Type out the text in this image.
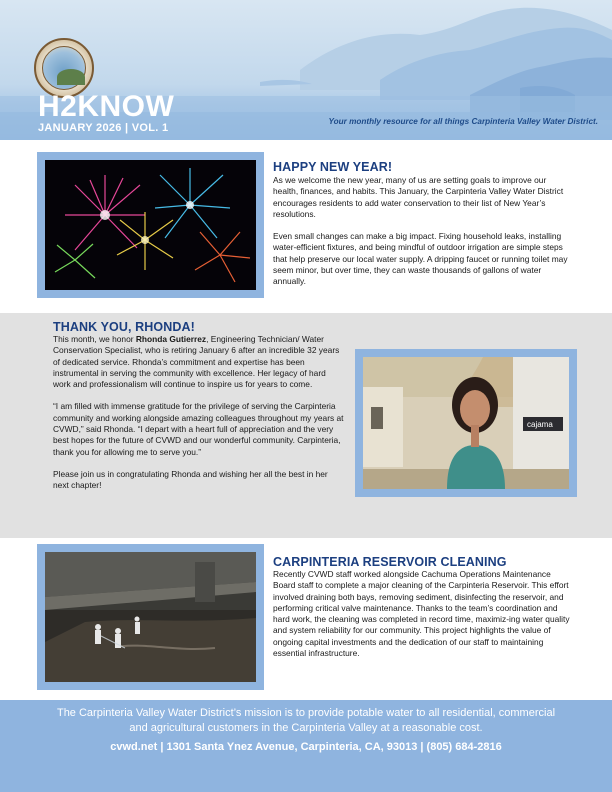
H2KNOW
JANUARY 2026 | VOL. 1
Your monthly resource for all things Carpinteria Valley Water District.
HAPPY NEW YEAR!

As we welcome the new year, many of us are setting goals to improve our health, finances, and habits. This January, the Carpinteria Valley Water District encourages residents to add water conservation to their list of New Year’s resolutions.

Even small changes can make a big impact. Fixing household leaks, installing water-efficient fixtures, and being mindful of outdoor irrigation are simple steps that help preserve our local water supply. A dripping faucet or running toilet may seem minor, but over time, they can waste thousands of gallons of water annually.

THANK YOU, RHONDA!

This month, we honor Rhonda Gutierrez, Engineering Technician/ Water Conservation Specialist, who is retiring January 6 after an incredible 32 years of dedicated service. Rhonda’s commitment and expertise has been instrumental in serving the community with excellence. Her legacy of hard work and professionalism will continue to inspire us for years to come.

“I am filled with immense gratitude for the privilege of serving the Carpinteria community and working alongside amazing colleagues throughout my years at CVWD,” said Rhonda. “I depart with a heart full of appreciation and the very best hopes for the future of CVWD and our wonderful community. Carpinteria, thank you for allowing me to serve you.”

Please join us in congratulating Rhonda and wishing her all the best in her next chapter!

cajama
CARPINTERIA RESERVOIR CLEANING

Recently CVWD staff worked alongside Cachuma Operations Maintenance Board staff to complete a major cleaning of the Carpinteria Reservoir. This effort involved draining both bays, removing sediment, disinfecting the reservoir, and performing critical valve maintenance. Thanks to the team’s coordination and hard work, the cleaning was completed in record time, maximiz-ing water quality and system reliability for our community. This project highlights the value of ongoing capital investments and the dedication of our staff to maintaining essential infrastructure.

The Carpinteria Valley Water District’s mission is to provide potable water to all residential, commercial and agricultural customers in the Carpinteria Valley at a reasonable cost.
cvwd.net | 1301 Santa Ynez Avenue, Carpinteria, CA, 93013 | (805) 684-2816
